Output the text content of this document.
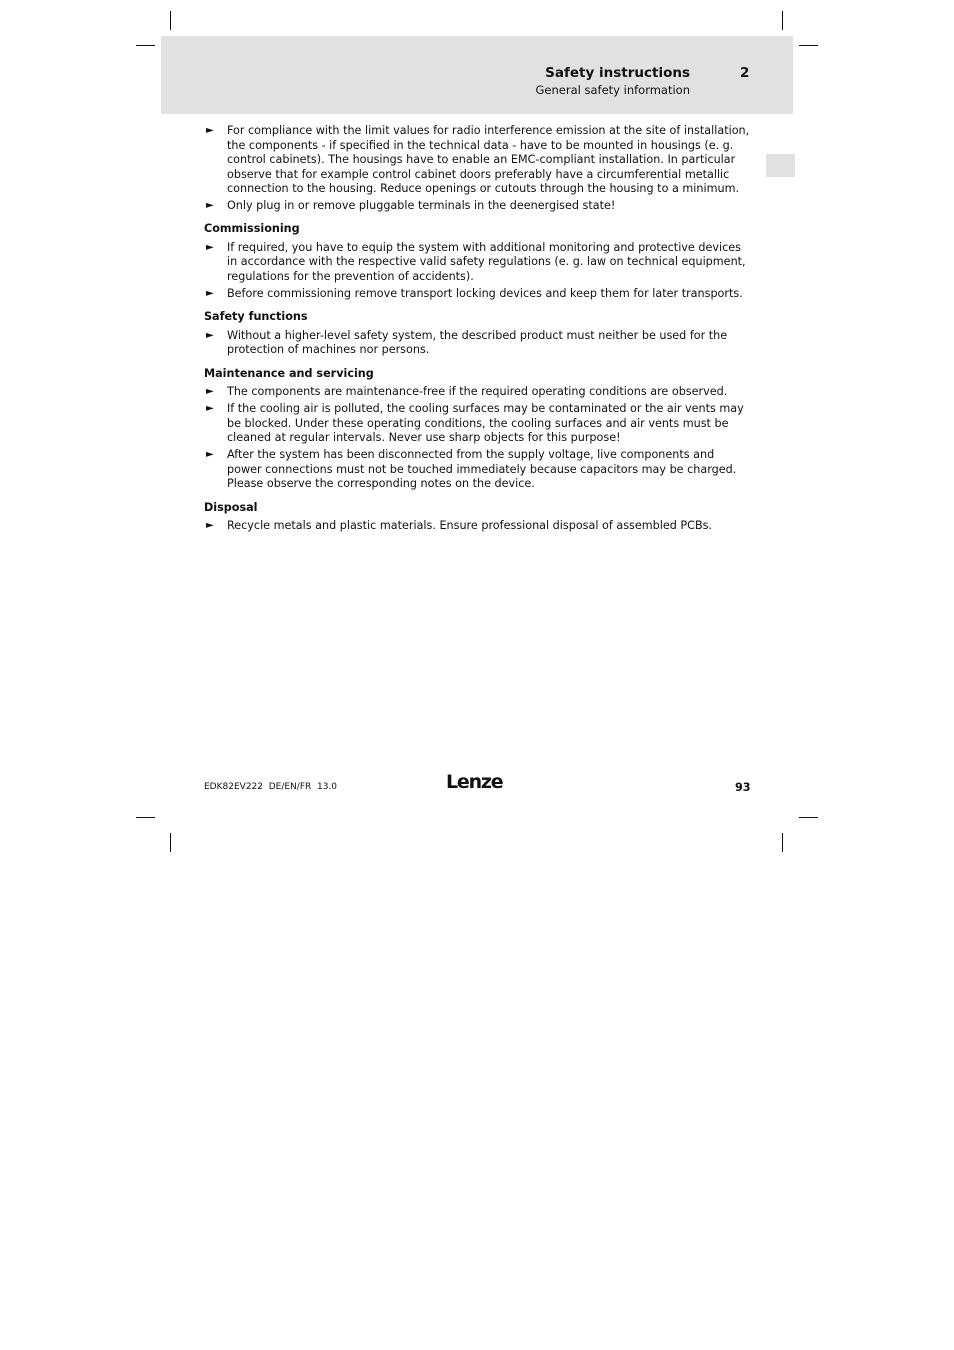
Safety instructions	2
General safety information
► For compliance with the limit values for radio interference emission at the site of installation, the components - if specified in the technical data - have to be mounted in housings (e. g. control cabinets). The housings have to enable an EMC-compliant installation. In particular observe that for example control cabinet doors preferably have a circumferential metallic connection to the housing. Reduce openings or cutouts through the housing to a minimum.
► Only plug in or remove pluggable terminals in the deenergised state!
Commissioning
► If required, you have to equip the system with additional monitoring and protective devices in accordance with the respective valid safety regulations (e. g. law on technical equipment, regulations for the prevention of accidents).
► Before commissioning remove transport locking devices and keep them for later transports.
Safety functions
► Without a higher-level safety system, the described product must neither be used for the protection of machines nor persons.
Maintenance and servicing
► The components are maintenance-free if the required operating conditions are observed.
► If the cooling air is polluted, the cooling surfaces may be contaminated or the air vents may be blocked. Under these operating conditions, the cooling surfaces and air vents must be cleaned at regular intervals. Never use sharp objects for this purpose!
► After the system has been disconnected from the supply voltage, live components and power connections must not be touched immediately because capacitors may be charged. Please observe the corresponding notes on the device.
Disposal
► Recycle metals and plastic materials. Ensure professional disposal of assembled PCBs.
EDK82EV222  DE/EN/FR  13.0	Lenze	93
